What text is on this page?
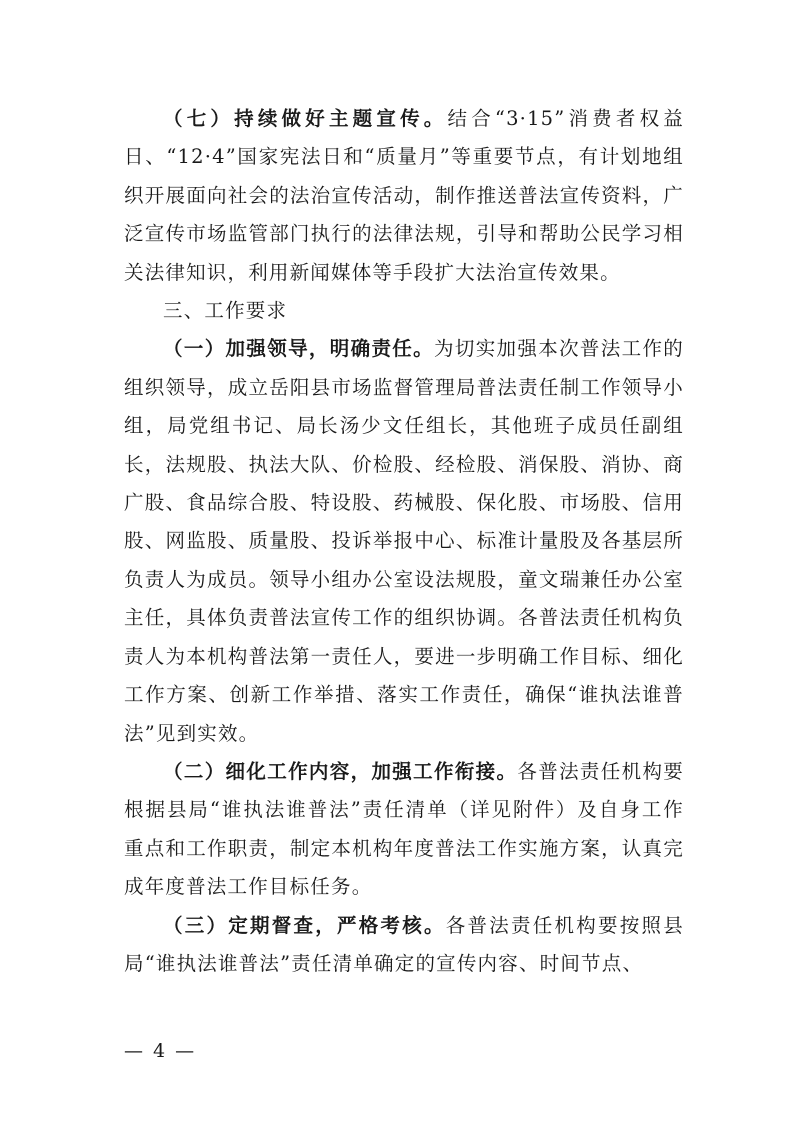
（七）持续做好主题宣传。结合“3·15”消费者权益日、“12·4”国家宪法日和“质量月”等重要节点，有计划地组织开展面向社会的法治宣传活动，制作推送普法宣传资料，广泛宣传市场监管部门执行的法律法规，引导和帮助公民学习相关法律知识，利用新闻媒体等手段扩大法治宣传效果。

三、工作要求

（一）加强领导，明确责任。为切实加强本次普法工作的组织领导，成立岳阳县市场监督管理局普法责任制工作领导小组，局党组书记、局长汤少文任组长，其他班子成员任副组长，法规股、执法大队、价检股、经检股、消保股、消协、商广股、食品综合股、特设股、药械股、保化股、市场股、信用股、网监股、质量股、投诉举报中心、标准计量股及各基层所负责人为成员。领导小组办公室设法规股，童文瑞兼任办公室主任，具体负责普法宣传工作的组织协调。各普法责任机构负责人为本机构普法第一责任人，要进一步明确工作目标、细化工作方案、创新工作举措、落实工作责任，确保“谁执法谁普法”见到实效。

（二）细化工作内容，加强工作衔接。各普法责任机构要根据县局“谁执法谁普法”责任清单（详见附件）及自身工作重点和工作职责，制定本机构年度普法工作实施方案，认真完成年度普法工作目标任务。

（三）定期督查，严格考核。各普法责任机构要按照县局“谁执法谁普法”责任清单确定的宣传内容、时间节点、

— 4 —
